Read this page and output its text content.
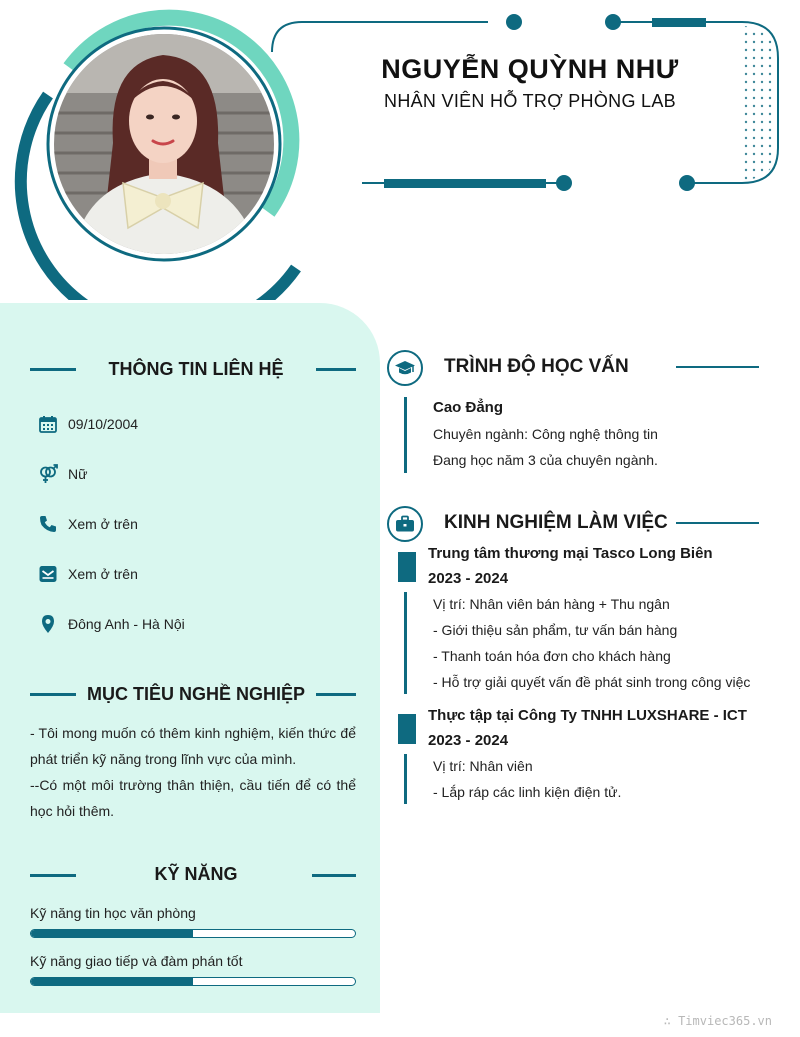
NGUYỄN QUỲNH NHƯ
NHÂN VIÊN HỖ TRỢ PHÒNG LAB
THÔNG TIN LIÊN HỆ
09/10/2004
Nữ
Xem ở trên
Xem ở trên
Đông Anh - Hà Nội
MỤC TIÊU NGHỀ NGHIỆP
- Tôi mong muốn có thêm kinh nghiệm, kiến thức để phát triển kỹ năng trong lĩnh vực của mình.
--Có một môi trường thân thiện, cầu tiến để có thể học hỏi thêm.
KỸ NĂNG
Kỹ năng tin học văn phòng
Kỹ năng giao tiếp và đàm phán tốt
TRÌNH ĐỘ HỌC VẤN
Cao Đẳng
Chuyên ngành: Công nghệ thông tin
Đang học năm 3 của chuyên ngành.
KINH NGHIỆM LÀM VIỆC
Trung tâm thương mại Tasco Long Biên
2023 - 2024
Vị trí: Nhân viên bán hàng + Thu ngân
- Giới thiệu sản phẩm, tư vấn bán hàng
- Thanh toán hóa đơn cho khách hàng
- Hỗ trợ giải quyết vấn đề phát sinh trong công việc
Thực tập tại Công Ty TNHH LUXSHARE - ICT
2023 - 2024
Vị trí: Nhân viên
- Lắp ráp các linh kiện điện tử.
∴ Timviec365.vn
